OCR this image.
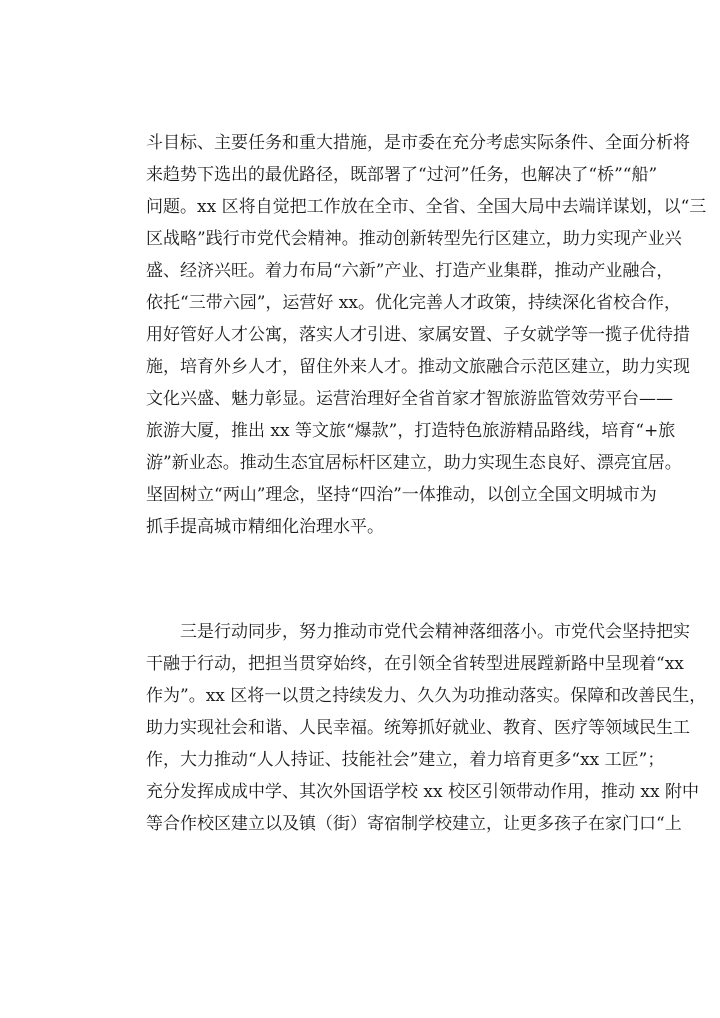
斗目标、主要任务和重大措施，是市委在充分考虑实际条件、全面分析将
来趋势下选出的最优路径，既部署了“过河”任务，也解决了“桥”“船”
问题。xx 区将自觉把工作放在全市、全省、全国大局中去端详谋划，以“三
区战略”践行市党代会精神。推动创新转型先行区建立，助力实现产业兴
盛、经济兴旺。着力布局“六新”产业、打造产业集群，推动产业融合，
依托“三带六园”，运营好 xx。优化完善人才政策，持续深化省校合作，
用好管好人才公寓，落实人才引进、家属安置、子女就学等一揽子优待措
施，培育外乡人才，留住外来人才。推动文旅融合示范区建立，助力实现
文化兴盛、魅力彰显。运营治理好全省首家才智旅游监管效劳平台——
旅游大厦，推出 xx 等文旅“爆款”，打造特色旅游精品路线，培育“+旅
游”新业态。推动生态宜居标杆区建立，助力实现生态良好、漂亮宜居。
坚固树立“两山”理念，坚持“四治”一体推动，以创立全国文明城市为
抓手提高城市精细化治理水平。
三是行动同步，努力推动市党代会精神落细落小。市党代会坚持把实
干融于行动，把担当贯穿始终，在引领全省转型进展蹚新路中呈现着“xx
作为”。xx 区将一以贯之持续发力、久久为功推动落实。保障和改善民生，
助力实现社会和谐、人民幸福。统筹抓好就业、教育、医疗等领域民生工
作，大力推动“人人持证、技能社会”建立，着力培育更多“xx 工匠”；
充分发挥成成中学、其次外国语学校 xx 校区引领带动作用，推动 xx 附中
等合作校区建立以及镇（街）寄宿制学校建立，让更多孩子在家门口“上
